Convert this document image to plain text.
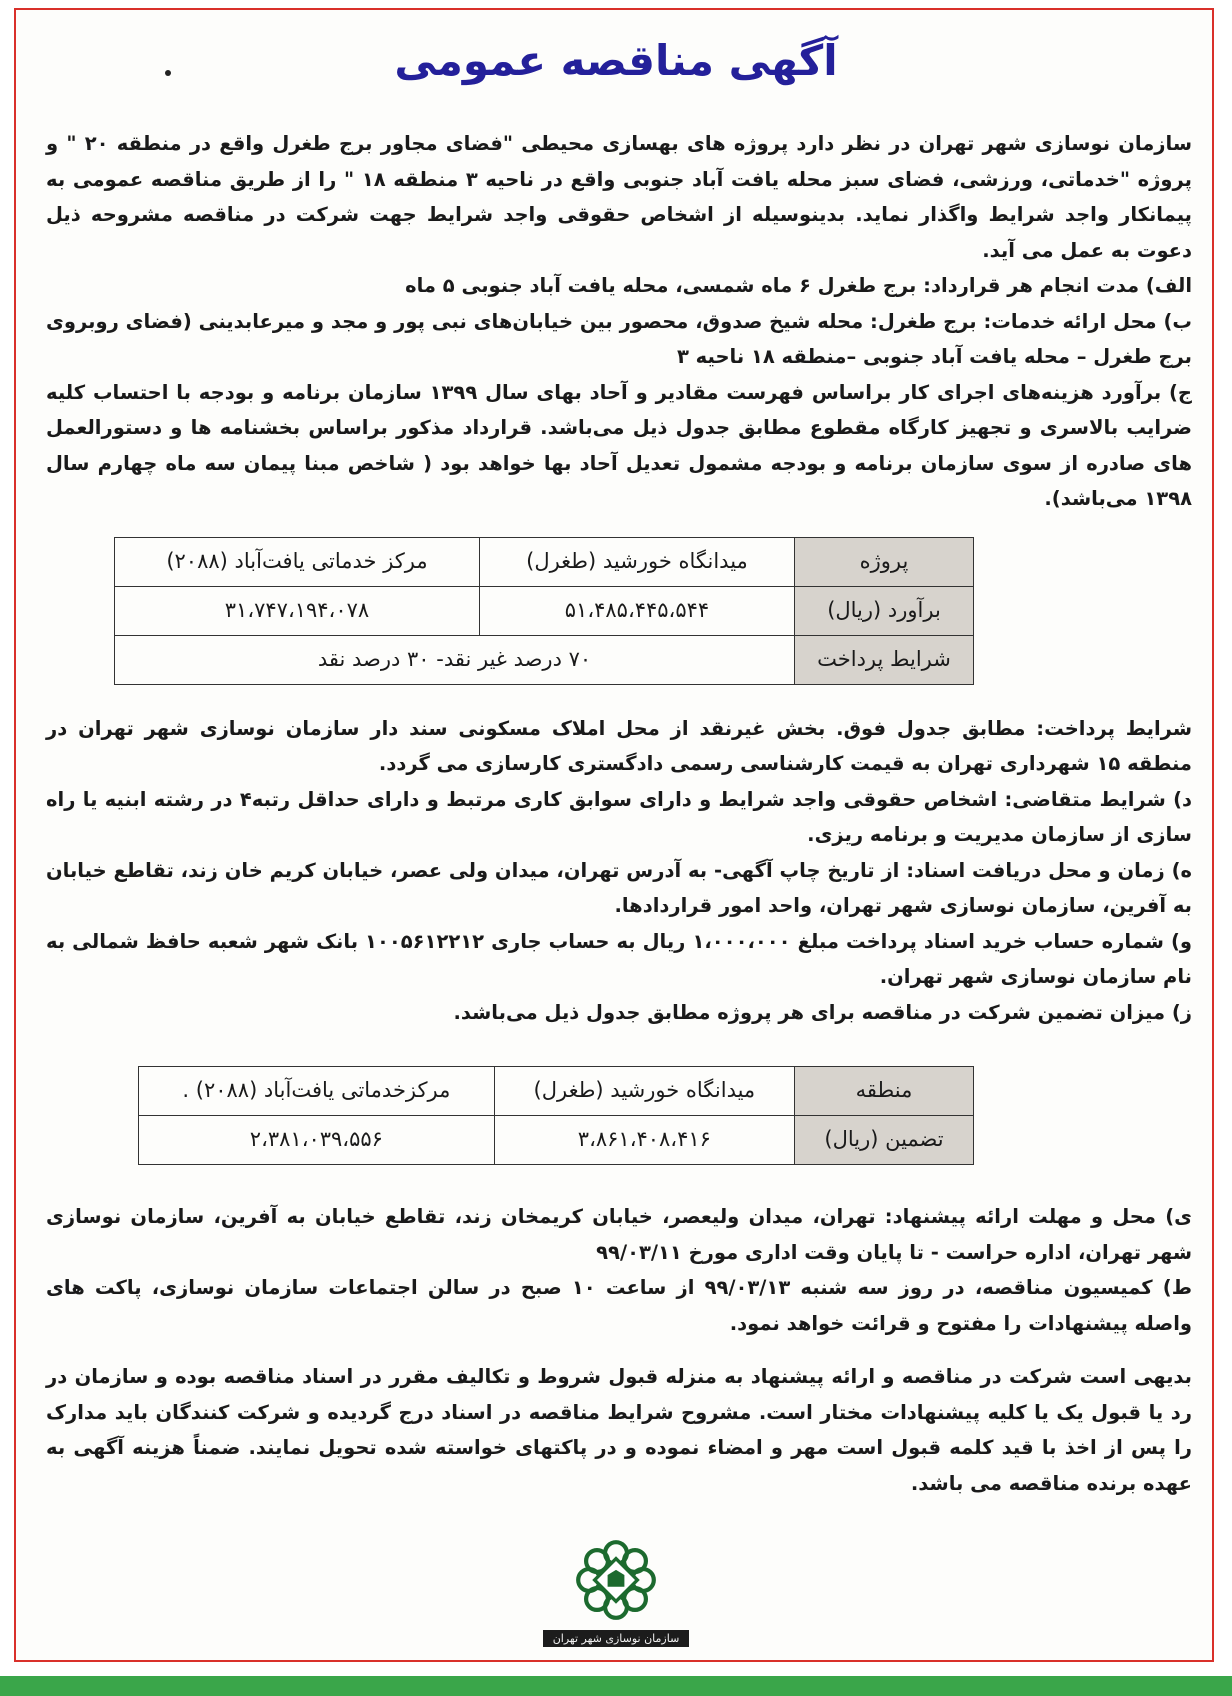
آگهی مناقصه عمومی

سازمان نوسازی شهر تهران در نظر دارد پروژه های بهسازی محیطی "فضای مجاور برج طغرل واقع در منطقه ۲۰ " و پروژه "خدماتی، ورزشی، فضای سبز محله یافت آباد جنوبی واقع در ناحیه ۳ منطقه ۱۸ " را از طریق مناقصه عمومی به پیمانکار واجد شرایط واگذار نماید. بدینوسیله از اشخاص حقوقی واجد شرایط جهت شرکت در مناقصه مشروحه ذیل دعوت به عمل می آید.

الف) مدت انجام هر قرارداد: برج طغرل ۶ ماه شمسی، محله یافت آباد جنوبی ۵ ماه

ب) محل ارائه خدمات: برج طغرل: محله شیخ صدوق، محصور بین خیابان‌های نبی پور و مجد و میرعابدینی (فضای روبروی برج طغرل – محله یافت آباد جنوبی –منطقه ۱۸ ناحیه ۳

ج) برآورد هزینه‌های اجرای کار براساس فهرست مقادیر و آحاد بهای سال ۱۳۹۹ سازمان برنامه و بودجه با احتساب کلیه ضرایب بالاسری و تجهیز کارگاه مقطوع مطابق جدول ذیل می‌باشد. قرارداد مذکور براساس بخشنامه ها و دستورالعمل های صادره از سوی سازمان برنامه و بودجه مشمول تعدیل آحاد بها خواهد بود ( شاخص مبنا پیمان سه ماه چهارم سال ۱۳۹۸ می‌باشد).

پروژه	میدانگاه خورشید (طغرل)	مرکز خدماتی یافت‌آباد (۲۰۸۸)
برآورد (ریال)	۵۱،۴۸۵،۴۴۵،۵۴۴	۳۱،۷۴۷،۱۹۴،۰۷۸
شرایط پرداخت	۷۰ درصد غیر نقد- ۳۰ درصد نقد	

شرایط پرداخت: مطابق جدول فوق. بخش غیرنقد از محل املاک مسکونی سند دار سازمان نوسازی شهر تهران در منطقه ۱۵ شهرداری تهران به قیمت کارشناسی رسمی دادگستری کارسازی می گردد.

د) شرایط متقاضی: اشخاص حقوقی واجد شرایط و دارای سوابق کاری مرتبط و دارای حداقل رتبه۴ در رشته ابنیه یا راه سازی از سازمان مدیریت و برنامه ریزی.

ه) زمان و محل دریافت اسناد: از تاریخ چاپ آگهی- به آدرس تهران، میدان ولی عصر، خیابان کریم خان زند، تقاطع خیابان به آفرین، سازمان نوسازی شهر تهران، واحد امور قراردادها.

و) شماره حساب خرید اسناد پرداخت مبلغ ۱،۰۰۰،۰۰۰ ریال به حساب جاری ۱۰۰۵۶۱۲۲۱۲ بانک شهر شعبه حافظ شمالی به نام سازمان نوسازی شهر تهران.

ز) میزان تضمین شرکت در مناقصه برای هر پروژه مطابق جدول ذیل می‌باشد.

منطقه	میدانگاه خورشید (طغرل)	مرکزخدماتی یافت‌آباد (۲۰۸۸) .
تضمین (ریال)	۳،۸۶۱،۴۰۸،۴۱۶	۲،۳۸۱،۰۳۹،۵۵۶

ی) محل و مهلت ارائه پیشنهاد: تهران، میدان ولیعصر، خیابان کریمخان زند، تقاطع خیابان به آفرین، سازمان نوسازی شهر تهران، اداره حراست - تا پایان وقت اداری مورخ ۹۹/۰۳/۱۱

ط) کمیسیون مناقصه، در روز سه شنبه ۹۹/۰۳/۱۳ از ساعت ۱۰ صبح در سالن اجتماعات سازمان نوسازی، پاکت های واصله پیشنهادات را مفتوح و قرائت خواهد نمود.

بدیهی است شرکت در مناقصه و ارائه پیشنهاد به منزله قبول شروط و تکالیف مقرر در اسناد مناقصه بوده و سازمان در رد یا قبول یک یا کلیه پیشنهادات مختار است. مشروح شرایط مناقصه در اسناد درج گردیده و شرکت کنندگان باید مدارک را پس از اخذ با قید کلمه قبول است مهر و امضاء نموده و در پاکتهای خواسته شده تحویل نمایند. ضمناً هزینه آگهی به عهده برنده مناقصه می باشد.

سازمان نوسازی شهر تهران
